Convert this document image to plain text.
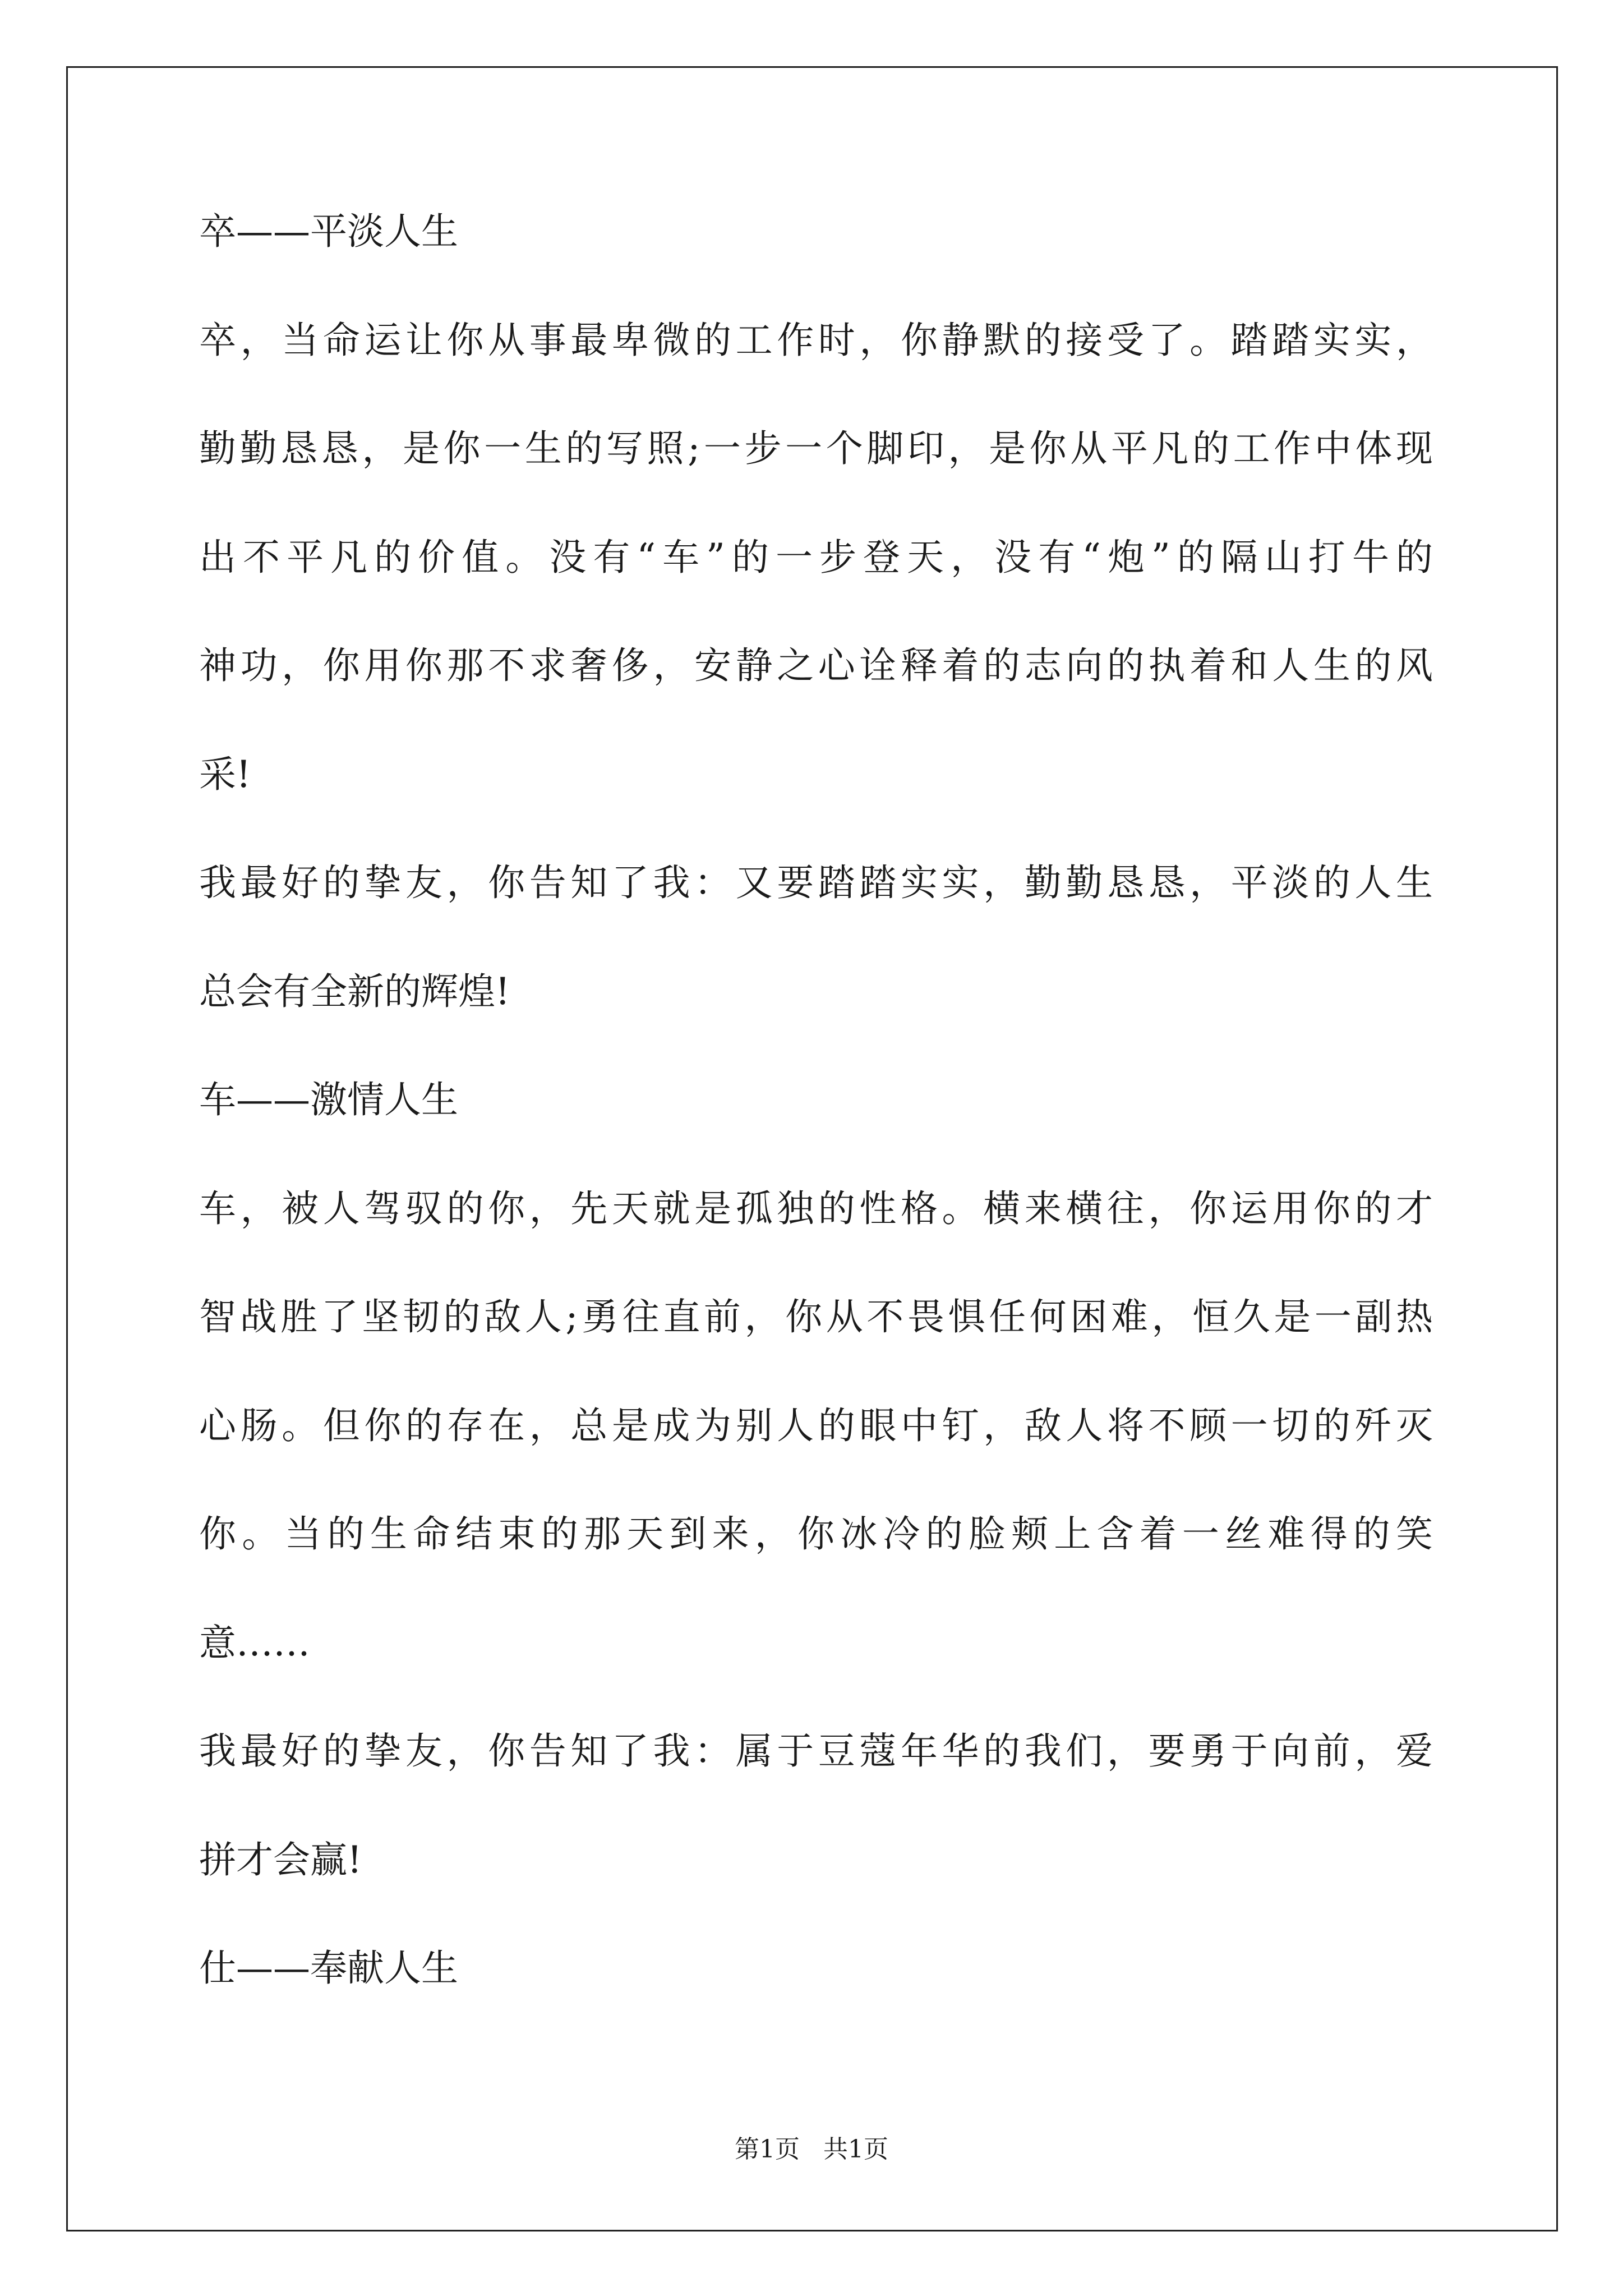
卒——平淡人生
卒，当命运让你从事最卑微的工作时，你静默的接受了。踏踏实实，
勤勤恳恳，是你一生的写照;一步一个脚印，是你从平凡的工作中体现
出不平凡的价值。没有“车”的一步登天，没有“炮”的隔山打牛的
神功，你用你那不求奢侈，安静之心诠释着的志向的执着和人生的风
采!
我最好的挚友，你告知了我：又要踏踏实实，勤勤恳恳，平淡的人生
总会有全新的辉煌!
车——激情人生
车，被人驾驭的你，先天就是孤独的性格。横来横往，你运用你的才
智战胜了坚韧的敌人;勇往直前，你从不畏惧任何困难，恒久是一副热
心肠。但你的存在，总是成为别人的眼中钉，敌人将不顾一切的歼灭
你。当的生命结束的那天到来，你冰冷的脸颊上含着一丝难得的笑
意……
我最好的挚友，你告知了我：属于豆蔻年华的我们，要勇于向前，爱
拼才会赢!
仕——奉献人生
第1页   共1页
